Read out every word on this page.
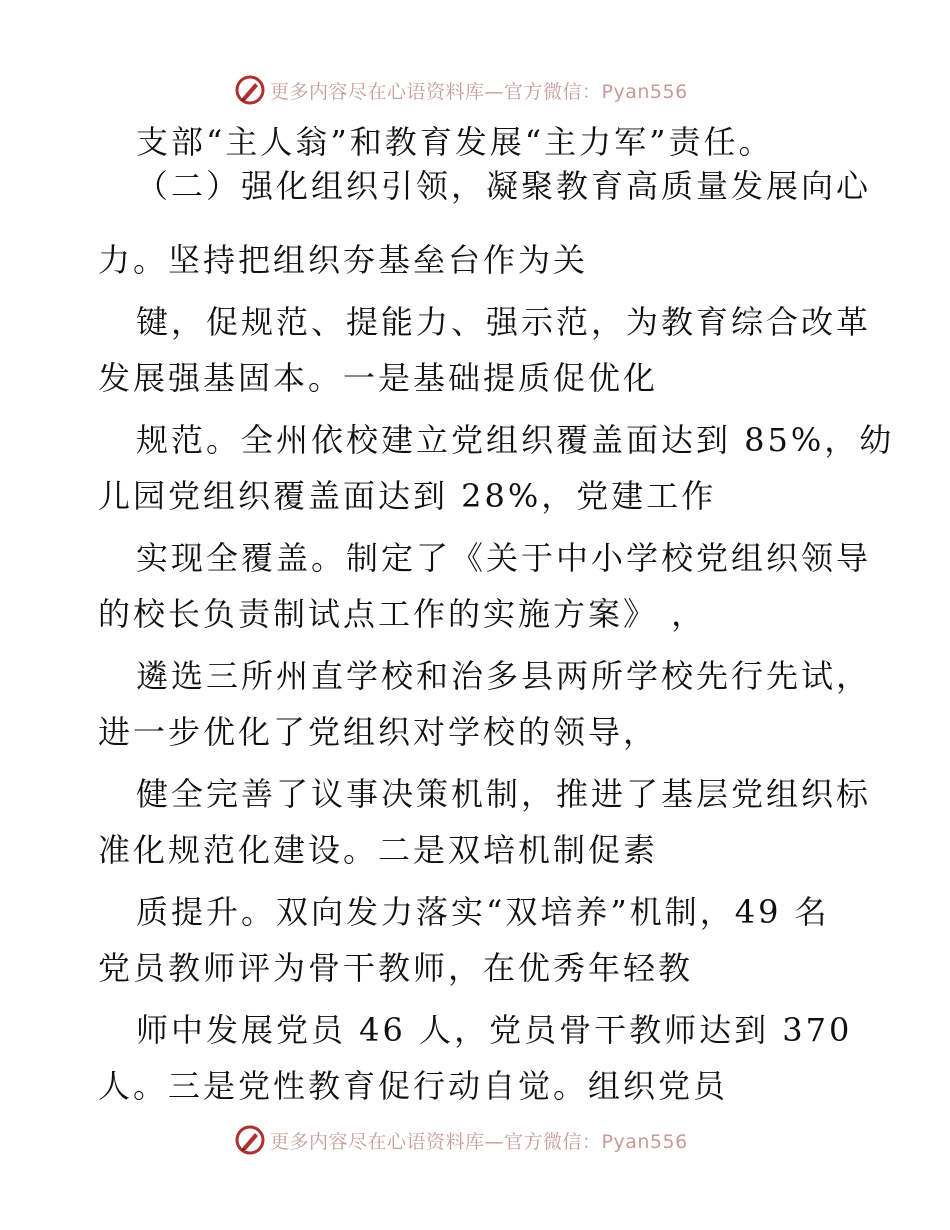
更多内容尽在心语资料库—官方微信：Pyan556
支部“主人翁”和教育发展“主力军”责任。
（二）强化组织引领，凝聚教育高质量发展向心
力。坚持把组织夯基垒台作为关
键，促规范、提能力、强示范，为教育综合改革
发展强基固本。一是基础提质促优化
规范。全州依校建立党组织覆盖面达到 85%，幼
儿园党组织覆盖面达到 28%，党建工作
实现全覆盖。制定了《关于中小学校党组织领导
的校长负责制试点工作的实施方案》 ，
遴选三所州直学校和治多县两所学校先行先试，
进一步优化了党组织对学校的领导，
健全完善了议事决策机制，推进了基层党组织标
准化规范化建设。二是双培机制促素
质提升。双向发力落实“双培养”机制，49 名
党员教师评为骨干教师，在优秀年轻教
师中发展党员 46 人，党员骨干教师达到 370
人。三是党性教育促行动自觉。组织党员
更多内容尽在心语资料库—官方微信：Pyan556
